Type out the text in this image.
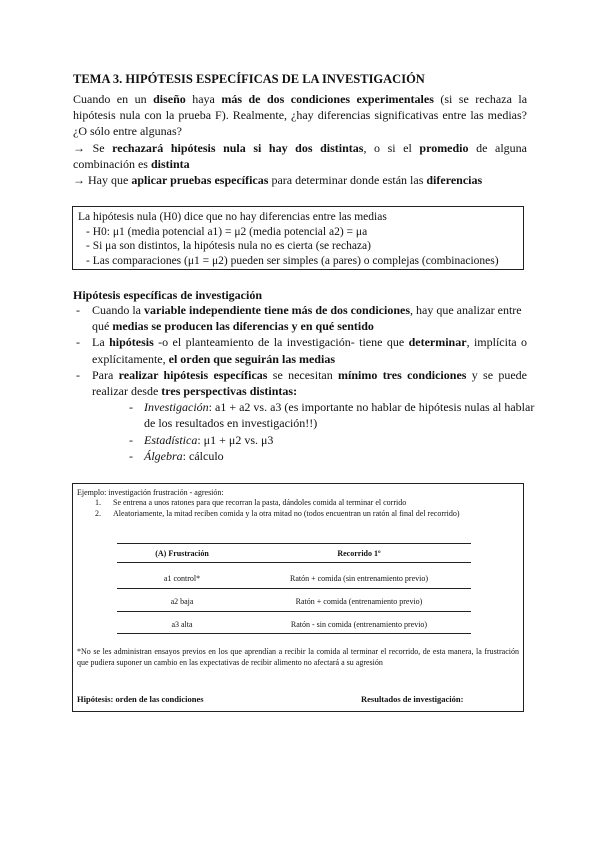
TEMA 3. HIPÓTESIS ESPECÍFICAS DE LA INVESTIGACIÓN
Cuando en un diseño haya más de dos condiciones experimentales (si se rechaza la
hipótesis nula con la prueba F). Realmente, ¿hay diferencias significativas entre las medias?
¿O sólo entre algunas?
→ Se rechazará hipótesis nula si hay dos distintas, o si el promedio de alguna
combinación es distinta
→ Hay que aplicar pruebas específicas para determinar donde están las diferencias
La hipótesis nula (H0) dice que no hay diferencias entre las medias
- H0: μ1 (media potencial a1) = μ2 (media potencial a2) = μa
- Si μa son distintos, la hipótesis nula no es cierta (se rechaza)
- Las comparaciones (μ1 = μ2) pueden ser simples (a pares) o complejas (combinaciones)
Hipótesis específicas de investigación
- Cuando la variable independiente tiene más de dos condiciones, hay que analizar entre
qué medias se producen las diferencias y en qué sentido
- La hipótesis -o el planteamiento de la investigación- tiene que determinar, implícita o
explícitamente, el orden que seguirán las medias
- Para realizar hipótesis específicas se necesitan mínimo tres condiciones y se puede
realizar desde tres perspectivas distintas:
- Investigación: a1 + a2 vs. a3 (es importante no hablar de hipótesis nulas al hablar
de los resultados en investigación!!)
- Estadística: μ1 + μ2 vs. μ3
- Álgebra: cálculo
Ejemplo: investigación frustración - agresión:
1. Se entrena a unos ratones para que recorran la pasta, dándoles comida al terminar el corrido
2. Aleatoriamente, la mitad reciben comida y la otra mitad no (todos encuentran un ratón al final del recorrido)
(A) Frustración	Recorrido 1º
a1 control*	Ratón + comida (sin entrenamiento previo)
a2 baja	Ratón + comida (entrenamiento previo)
a3 alta	Ratón - sin comida (entrenamiento previo)
*No se les administran ensayos previos en los que aprendían a recibir la comida al terminar el recorrido, de esta manera, la frustración que pudiera suponer un cambio en las expectativas de recibir alimento no afectará a su agresión
Hipótesis: orden de las condiciones	Resultados de investigación:
